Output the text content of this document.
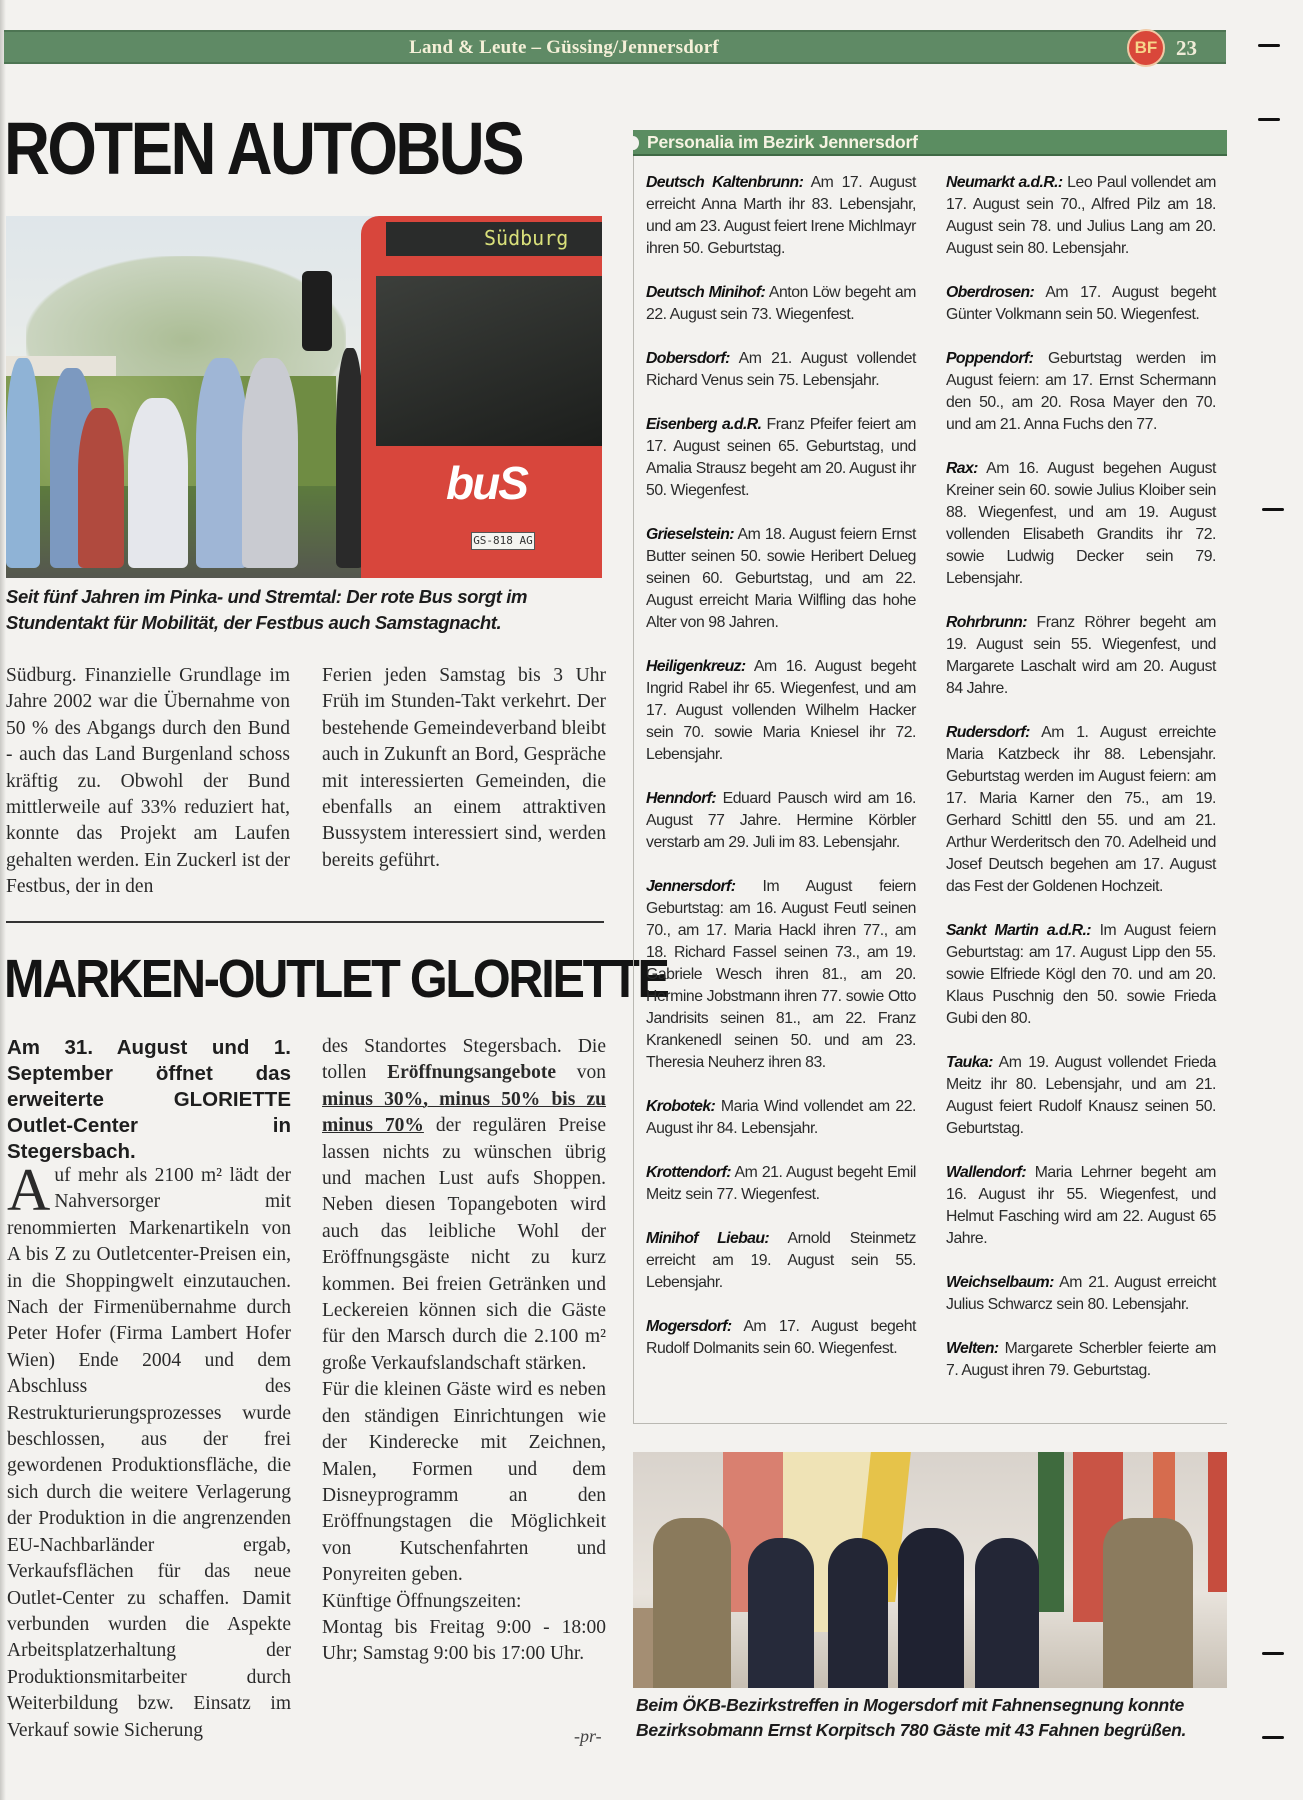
Land & Leute – Güssing/Jennersdorf	BF 23
ROTEN AUTOBUS
Südburg
buS
GS-818 AG
Seit fünf Jahren im Pinka- und Stremtal: Der rote Bus sorgt im Stundentakt für Mobilität, der Festbus auch Samstagnacht.
Südburg. Finanzielle Grundlage im Jahre 2002 war die Übernahme von 50 % des Abgangs durch den Bund - auch das Land Burgenland schoss kräftig zu. Obwohl der Bund mittlerweile auf 33% reduziert hat, konnte das Projekt am Laufen gehalten werden. Ein Zuckerl ist der Festbus, der in den
Ferien jeden Samstag bis 3 Uhr Früh im Stunden-Takt verkehrt. Der bestehende Gemeindeverband bleibt auch in Zukunft an Bord, Gespräche mit interessierten Gemeinden, die ebenfalls an einem attraktiven Bussystem interessiert sind, werden bereits geführt.
MARKEN-OUTLET GLORIETTE
Am 31. August und 1. September öffnet das erweiterte GLORIETTE Outlet-Center in Stegersbach.
Auf mehr als 2100 m² lädt der Nahversorger mit renommierten Markenartikeln von A bis Z zu Outletcenter-Preisen ein, in die Shoppingwelt einzutauchen. Nach der Firmenübernahme durch Peter Hofer (Firma Lambert Hofer Wien) Ende 2004 und dem Abschluss des Restrukturierungsprozesses wurde beschlossen, aus der frei gewordenen Produktionsfläche, die sich durch die weitere Verlagerung der Produktion in die angrenzenden EU-Nachbarländer ergab, Verkaufsflächen für das neue Outlet-Center zu schaffen. Damit verbunden wurden die Aspekte Arbeitsplatzerhaltung der Produktionsmitarbeiter durch Weiterbildung bzw. Einsatz im Verkauf sowie Sicherung
des Standortes Stegersbach. Die tollen Eröffnungsangebote von minus 30%, minus 50% bis zu minus 70% der regulären Preise lassen nichts zu wünschen übrig und machen Lust aufs Shoppen. Neben diesen Topangeboten wird auch das leibliche Wohl der Eröffnungsgäste nicht zu kurz kommen. Bei freien Getränken und Leckereien können sich die Gäste für den Marsch durch die 2.100 m² große Verkaufslandschaft stärken.
Für die kleinen Gäste wird es neben den ständigen Einrichtungen wie der Kinderecke mit Zeichnen, Malen, Formen und dem Disneyprogramm an den Eröffnungstagen die Möglichkeit von Kutschenfahrten und Ponyreiten geben.
Künftige Öffnungszeiten:
Montag bis Freitag 9:00 - 18:00 Uhr; Samstag 9:00 bis 17:00 Uhr.
-pr-
Personalia im Bezirk Jennersdorf
Deutsch Kaltenbrunn: Am 17. August erreicht Anna Marth ihr 83. Lebensjahr, und am 23. August feiert Irene Michlmayr ihren 50. Geburtstag.
Deutsch Minihof: Anton Löw begeht am 22. August sein 73. Wiegenfest.
Dobersdorf: Am 21. August vollendet Richard Venus sein 75. Lebensjahr.
Eisenberg a.d.R. Franz Pfeifer feiert am 17. August seinen 65. Geburtstag, und Amalia Strausz begeht am 20. August ihr 50. Wiegenfest.
Grieselstein: Am 18. August feiern Ernst Butter seinen 50. sowie Heribert Delueg seinen 60. Geburtstag, und am 22. August erreicht Maria Wilfling das hohe Alter von 98 Jahren.
Heiligenkreuz: Am 16. August begeht Ingrid Rabel ihr 65. Wiegenfest, und am 17. August vollenden Wilhelm Hacker sein 70. sowie Maria Kniesel ihr 72. Lebensjahr.
Henndorf: Eduard Pausch wird am 16. August 77 Jahre. Hermine Körbler verstarb am 29. Juli im 83. Lebensjahr.
Jennersdorf: Im August feiern Geburtstag: am 16. August Feutl seinen 70., am 17. Maria Hackl ihren 77., am 18. Richard Fassel seinen 73., am 19. Gabriele Wesch ihren 81., am 20. Hermine Jobstmann ihren 77. sowie Otto Jandrisits seinen 81., am 22. Franz Krankenedl seinen 50. und am 23. Theresia Neuherz ihren 83.
Krobotek: Maria Wind vollendet am 22. August ihr 84. Lebensjahr.
Krottendorf: Am 21. August begeht Emil Meitz sein 77. Wiegenfest.
Minihof Liebau: Arnold Steinmetz erreicht am 19. August sein 55. Lebensjahr.
Mogersdorf: Am 17. August begeht Rudolf Dolmanits sein 60. Wiegenfest.
Neumarkt a.d.R.: Leo Paul vollendet am 17. August sein 70., Alfred Pilz am 18. August sein 78. und Julius Lang am 20. August sein 80. Lebensjahr.
Oberdrosen: Am 17. August begeht Günter Volkmann sein 50. Wiegenfest.
Poppendorf: Geburtstag werden im August feiern: am 17. Ernst Schermann den 50., am 20. Rosa Mayer den 70. und am 21. Anna Fuchs den 77.
Rax: Am 16. August begehen August Kreiner sein 60. sowie Julius Kloiber sein 88. Wiegenfest, und am 19. August vollenden Elisabeth Grandits ihr 72. sowie Ludwig Decker sein 79. Lebensjahr.
Rohrbrunn: Franz Röhrer begeht am 19. August sein 55. Wiegenfest, und Margarete Laschalt wird am 20. August 84 Jahre.
Rudersdorf: Am 1. August erreichte Maria Katzbeck ihr 88. Lebensjahr. Geburtstag werden im August feiern: am 17. Maria Karner den 75., am 19. Gerhard Schittl den 55. und am 21. Arthur Werderitsch den 70. Adelheid und Josef Deutsch begehen am 17. August das Fest der Goldenen Hochzeit.
Sankt Martin a.d.R.: Im August feiern Geburtstag: am 17. August Lipp den 55. sowie Elfriede Kögl den 70. und am 20. Klaus Puschnig den 50. sowie Frieda Gubi den 80.
Tauka: Am 19. August vollendet Frieda Meitz ihr 80. Lebensjahr, und am 21. August feiert Rudolf Knausz seinen 50. Geburtstag.
Wallendorf: Maria Lehrner begeht am 16. August ihr 55. Wiegenfest, und Helmut Fasching wird am 22. August 65 Jahre.
Weichselbaum: Am 21. August erreicht Julius Schwarcz sein 80. Lebensjahr.
Welten: Margarete Scherbler feierte am 7. August ihren 79. Geburtstag.
Beim ÖKB-Bezirkstreffen in Mogersdorf mit Fahnensegnung konnte Bezirksobmann Ernst Korpitsch 780 Gäste mit 43 Fahnen begrüßen.
